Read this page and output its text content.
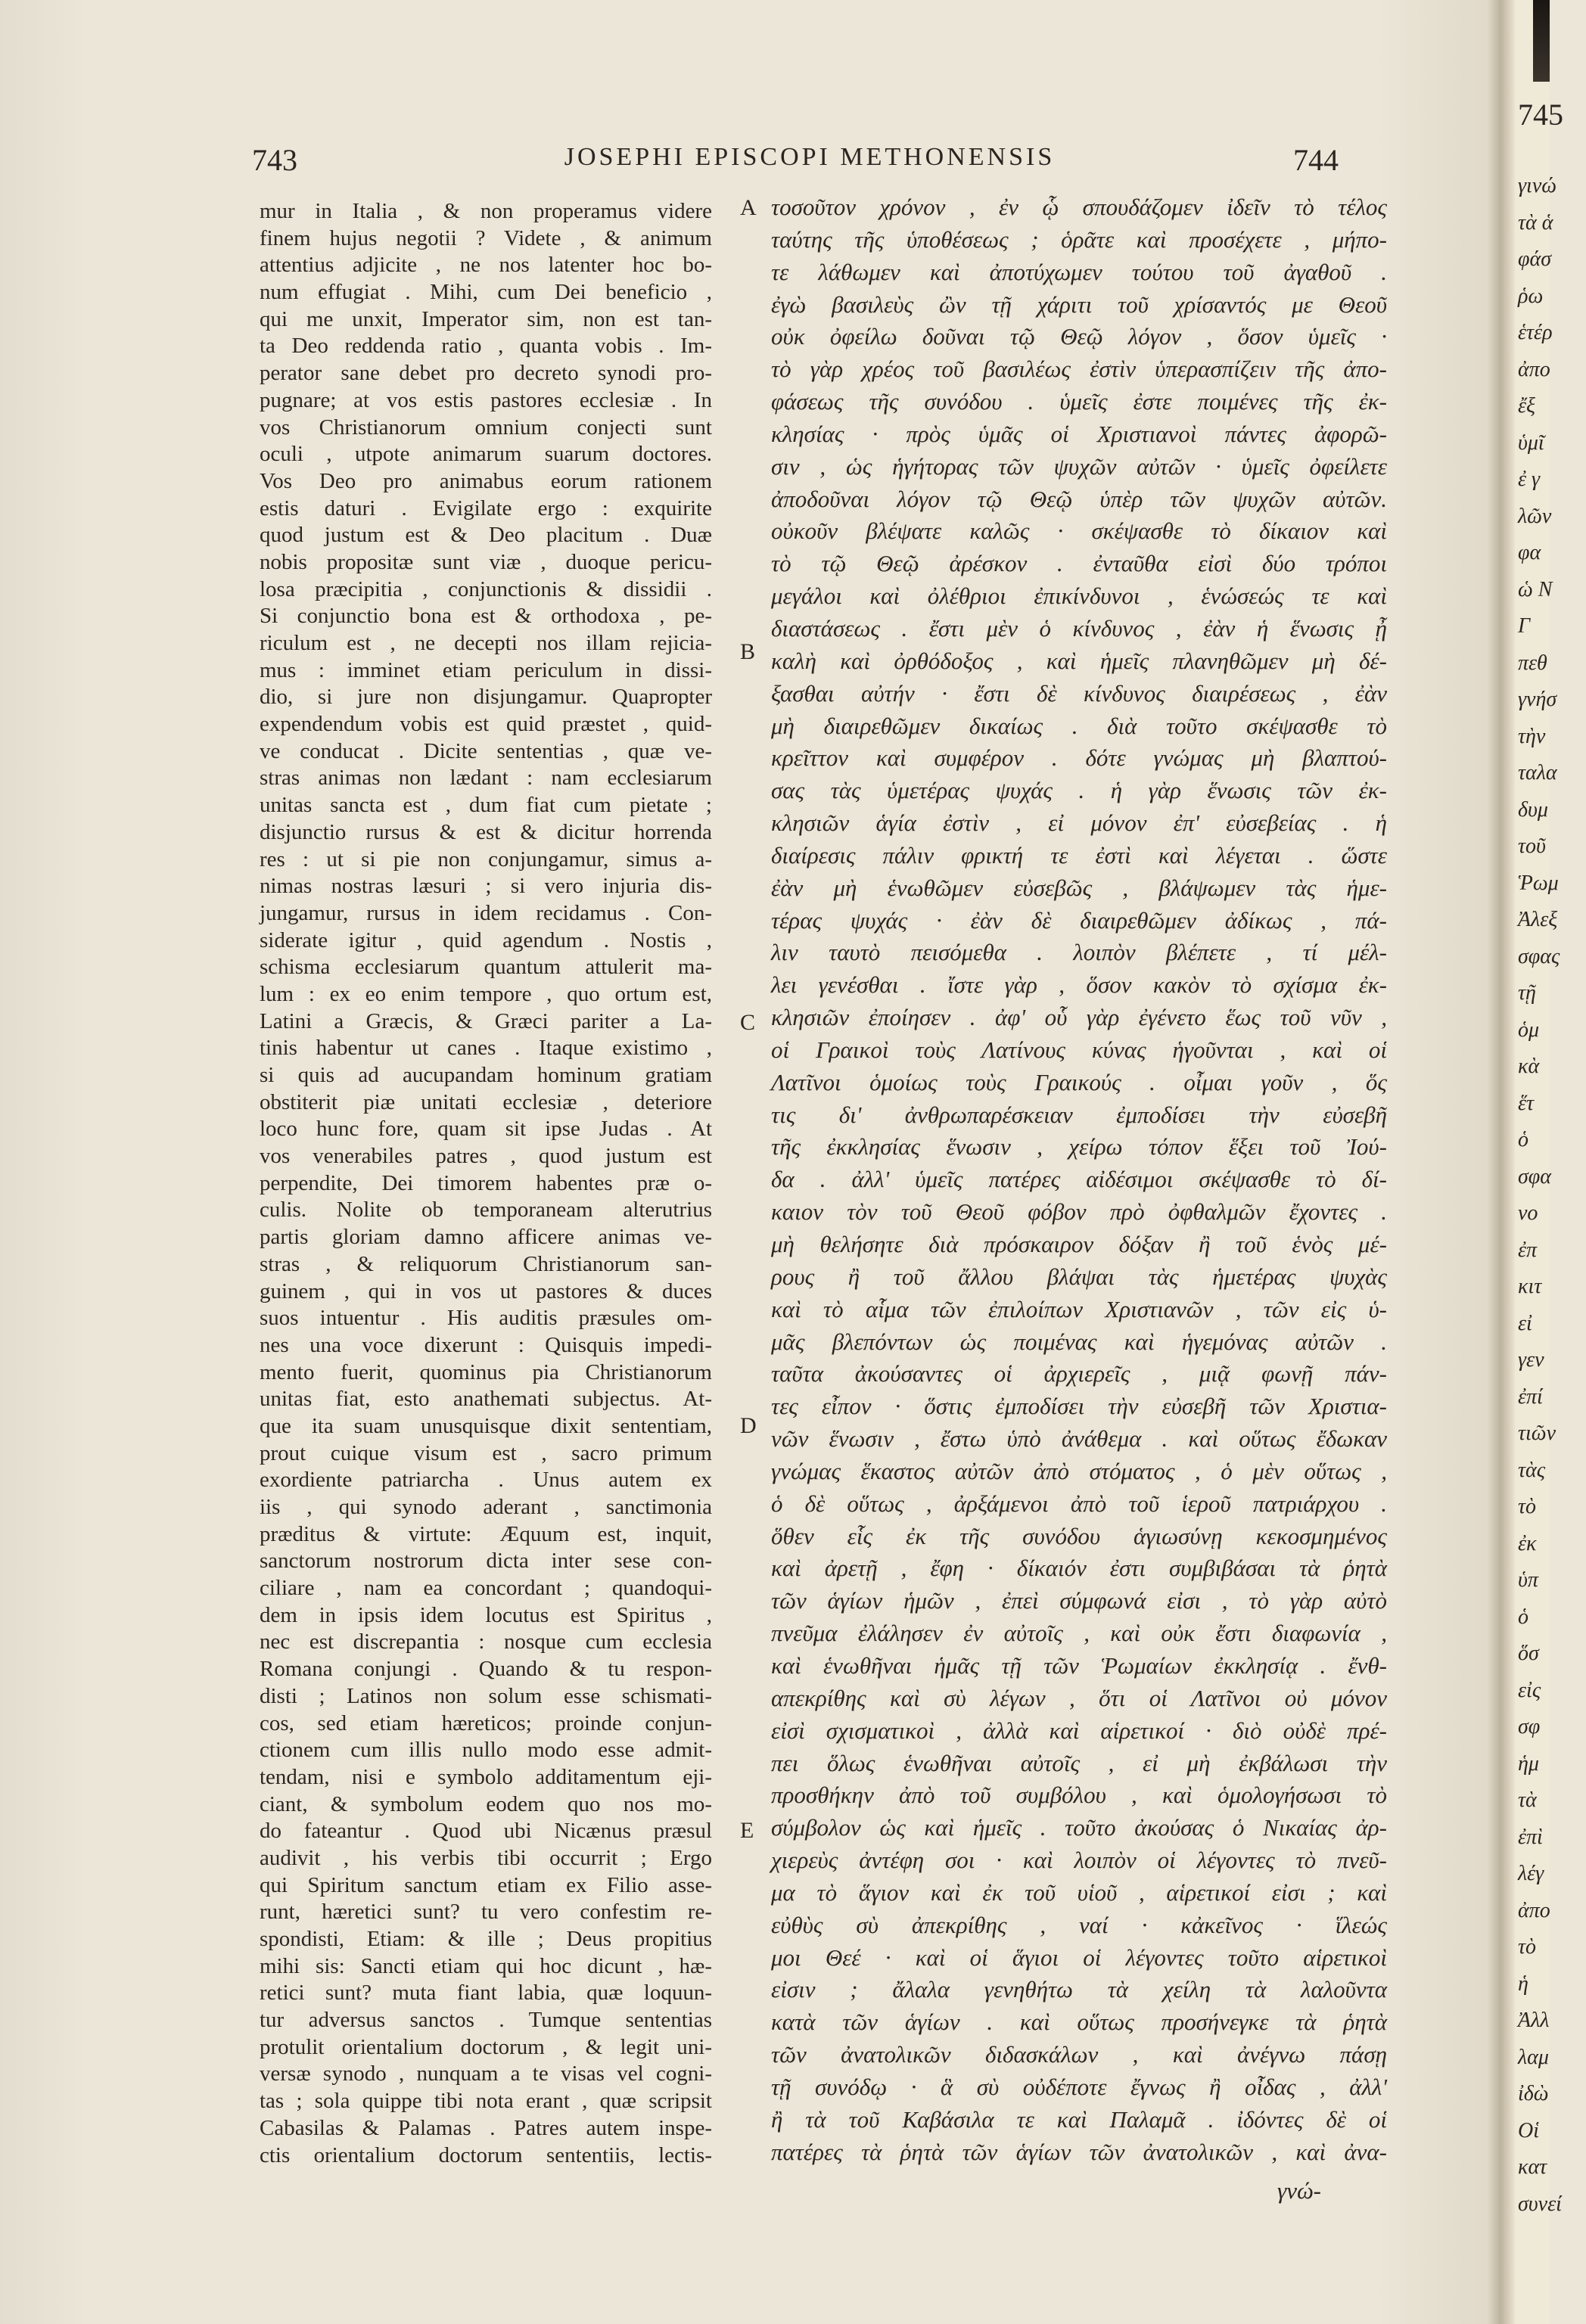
743	JOSEPHI EPISCOPI METHONENSIS	744
mur in Italia , & non properamus videre
finem hujus negotii ? Videte , & animum
attentius adjicite , ne nos latenter hoc bo-
num effugiat . Mihi, cum Dei beneficio ,
qui me unxit, Imperator sim, non est tan-
ta Deo reddenda ratio , quanta vobis . Im-
perator sane debet pro decreto synodi pro-
pugnare; at vos estis pastores ecclesiæ . In
vos Christianorum omnium conjecti sunt
oculi , utpote animarum suarum doctores.
Vos Deo pro animabus eorum rationem
estis daturi . Evigilate ergo : exquirite
quod justum est & Deo placitum . Duæ
nobis propositæ sunt viæ , duoque pericu-
losa præcipitia , conjunctionis & dissidii .
Si conjunctio bona est & orthodoxa , pe-
riculum est , ne decepti nos illam rejicia-
mus : imminet etiam periculum in dissi-
dio, si jure non disjungamur. Quapropter
expendendum vobis est quid præstet , quid-
ve conducat . Dicite sententias , quæ ve-
stras animas non lædant : nam ecclesiarum
unitas sancta est , dum fiat cum pietate ;
disjunctio rursus & est & dicitur horrenda
res : ut si pie non conjungamur, simus a-
nimas nostras læsuri ; si vero injuria dis-
jungamur, rursus in idem recidamus . Con-
siderate igitur , quid agendum . Nostis ,
schisma ecclesiarum quantum attulerit ma-
lum : ex eo enim tempore , quo ortum est,
Latini a Græcis, & Græci pariter a La-
tinis habentur ut canes . Itaque existimo ,
si quis ad aucupandam hominum gratiam
obstiterit piæ unitati ecclesiæ , deteriore
loco hunc fore, quam sit ipse Judas . At
vos venerabiles patres , quod justum est
perpendite, Dei timorem habentes præ o-
culis. Nolite ob temporaneam alterutrius
partis gloriam damno afficere animas ve-
stras , & reliquorum Christianorum san-
guinem , qui in vos ut pastores & duces
suos intuentur . His auditis præsules om-
nes una voce dixerunt : Quisquis impedi-
mento fuerit, quominus pia Christianorum
unitas fiat, esto anathemati subjectus. At-
que ita suam unusquisque dixit sententiam,
prout cuique visum est , sacro primum
exordiente patriarcha . Unus autem ex
iis , qui synodo aderant , sanctimonia
præditus & virtute: Æquum est, inquit,
sanctorum nostrorum dicta inter sese con-
ciliare , nam ea concordant ; quandoqui-
dem in ipsis idem locutus est Spiritus ,
nec est discrepantia : nosque cum ecclesia
Romana conjungi . Quando & tu respon-
disti ; Latinos non solum esse schismati-
cos, sed etiam hæreticos; proinde conjun-
ctionem cum illis nullo modo esse admit-
tendam, nisi e symbolo additamentum eji-
ciant, & symbolum eodem quo nos mo-
do fateantur . Quod ubi Nicænus præsul
audivit , his verbis tibi occurrit ; Ergo
qui Spiritum sanctum etiam ex Filio asse-
runt, hæretici sunt? tu vero confestim re-
spondisti, Etiam: & ille ; Deus propitius
mihi sis: Sancti etiam qui hoc dicunt , hæ-
retici sunt? muta fiant labia, quæ loquun-
tur adversus sanctos . Tumque sententias
protulit orientalium doctorum , & legit uni-
versæ synodo , nunquam a te visas vel cogni-
tas ; sola quippe tibi nota erant , quæ scripsit
Cabasilas & Palamas . Patres autem inspe-
ctis orientalium doctorum sententiis, lectis-
A
B
C
D
E
τοσοῦτον χρόνον , ἐν ᾧ σπουδάζομεν ἰδεῖν τὸ τέλος
ταύτης τῆς ὑποθέσεως ; ὁρᾶτε καὶ προσέχετε , μήπο-
τε λάθωμεν καὶ ἀποτύχωμεν τούτου τοῦ ἀγαθοῦ .
ἐγὼ βασιλεὺς ὢν τῇ χάριτι τοῦ χρίσαντός με Θεοῦ
οὐκ ὀφείλω δοῦναι τῷ Θεῷ λόγον , ὅσον ὑμεῖς ·
τὸ γὰρ χρέος τοῦ βασιλέως ἐστὶν ὑπερασπίζειν τῆς ἀπο-
φάσεως τῆς συνόδου . ὑμεῖς ἐστε ποιμένες τῆς ἐκ-
κλησίας · πρὸς ὑμᾶς οἱ Χριστιανοὶ πάντες ἀφορῶ-
σιν , ὡς ἡγήτορας τῶν ψυχῶν αὐτῶν · ὑμεῖς ὀφείλετε
ἀποδοῦναι λόγον τῷ Θεῷ ὑπὲρ τῶν ψυχῶν αὐτῶν.
οὐκοῦν βλέψατε καλῶς · σκέψασθε τὸ δίκαιον καὶ
τὸ τῷ Θεῷ ἀρέσκον . ἐνταῦθα εἰσὶ δύο τρόποι
μεγάλοι καὶ ὀλέθριοι ἐπικίνδυνοι , ἑνώσεώς τε καὶ
διαστάσεως . ἔστι μὲν ὁ κίνδυνος , ἐὰν ἡ ἕνωσις ᾖ
καλὴ καὶ ὀρθόδοξος , καὶ ἡμεῖς πλανηθῶμεν μὴ δέ-
ξασθαι αὐτήν · ἔστι δὲ κίνδυνος διαιρέσεως , ἐὰν
μὴ διαιρεθῶμεν δικαίως . διὰ τοῦτο σκέψασθε τὸ
κρεῖττον καὶ συμφέρον . δότε γνώμας μὴ βλαπτού-
σας τὰς ὑμετέρας ψυχάς . ἡ γὰρ ἕνωσις τῶν ἐκ-
κλησιῶν ἁγία ἐστὶν , εἰ μόνον ἐπ' εὐσεβείας . ἡ
διαίρεσις πάλιν φρικτή τε ἐστὶ καὶ λέγεται . ὥστε
ἐὰν μὴ ἑνωθῶμεν εὐσεβῶς , βλάψωμεν τὰς ἡμε-
τέρας ψυχάς · ἐὰν δὲ διαιρεθῶμεν ἀδίκως , πά-
λιν ταυτὸ πεισόμεθα . λοιπὸν βλέπετε , τί μέλ-
λει γενέσθαι . ἴστε γὰρ , ὅσον κακὸν τὸ σχίσμα ἐκ-
κλησιῶν ἐποίησεν . ἀφ' οὗ γὰρ ἐγένετο ἕως τοῦ νῦν ,
οἱ Γραικοὶ τοὺς Λατίνους κύνας ἡγοῦνται , καὶ οἱ
Λατῖνοι ὁμοίως τοὺς Γραικούς . οἶμαι γοῦν , ὅς
τις δι' ἀνθρωπαρέσκειαν ἐμποδίσει τὴν εὐσεβῆ
τῆς ἐκκλησίας ἕνωσιν , χείρω τόπον ἕξει τοῦ Ἰού-
δα . ἀλλ' ὑμεῖς πατέρες αἰδέσιμοι σκέψασθε τὸ δί-
καιον τὸν τοῦ Θεοῦ φόβον πρὸ ὀφθαλμῶν ἔχοντες .
μὴ θελήσητε διὰ πρόσκαιρον δόξαν ἢ τοῦ ἑνὸς μέ-
ρους ἢ τοῦ ἄλλου βλάψαι τὰς ἡμετέρας ψυχὰς
καὶ τὸ αἷμα τῶν ἐπιλοίπων Χριστιανῶν , τῶν εἰς ὑ-
μᾶς βλεπόντων ὡς ποιμένας καὶ ἡγεμόνας αὐτῶν .
ταῦτα ἀκούσαντες οἱ ἀρχιερεῖς , μιᾷ φωνῇ πάν-
τες εἶπον · ὅστις ἐμποδίσει τὴν εὐσεβῆ τῶν Χριστια-
νῶν ἕνωσιν , ἔστω ὑπὸ ἀνάθεμα . καὶ οὕτως ἔδωκαν
γνώμας ἕκαστος αὐτῶν ἀπὸ στόματος , ὁ μὲν οὕτως ,
ὁ δὲ οὕτως , ἀρξάμενοι ἀπὸ τοῦ ἱεροῦ πατριάρχου .
ὅθεν εἷς ἐκ τῆς συνόδου ἁγιωσύνῃ κεκοσμημένος
καὶ ἀρετῇ , ἔφη · δίκαιόν ἐστι συμβιβάσαι τὰ ῥητὰ
τῶν ἁγίων ἡμῶν , ἐπεὶ σύμφωνά εἰσι , τὸ γὰρ αὐτὸ
πνεῦμα ἐλάλησεν ἐν αὐτοῖς , καὶ οὐκ ἔστι διαφωνία ,
καὶ ἑνωθῆναι ἡμᾶς τῇ τῶν Ῥωμαίων ἐκκλησίᾳ . ἔνθ-
απεκρίθης καὶ σὺ λέγων , ὅτι οἱ Λατῖνοι οὐ μόνον
εἰσὶ σχισματικοὶ , ἀλλὰ καὶ αἱρετικοί · διὸ οὐδὲ πρέ-
πει ὅλως ἑνωθῆναι αὐτοῖς , εἰ μὴ ἐκβάλωσι τὴν
προσθήκην ἀπὸ τοῦ συμβόλου , καὶ ὁμολογήσωσι τὸ
σύμβολον ὡς καὶ ἡμεῖς . τοῦτο ἀκούσας ὁ Νικαίας ἀρ-
χιερεὺς ἀντέφη σοι · καὶ λοιπὸν οἱ λέγοντες τὸ πνεῦ-
μα τὸ ἅγιον καὶ ἐκ τοῦ υἱοῦ , αἱρετικοί εἰσι ; καὶ
εὐθὺς σὺ ἀπεκρίθης , ναί · κἀκεῖνος · ἵλεώς
μοι Θεέ · καὶ οἱ ἅγιοι οἱ λέγοντες τοῦτο αἱρετικοὶ
εἰσιν ; ἄλαλα γενηθήτω τὰ χείλη τὰ λαλοῦντα
κατὰ τῶν ἁγίων . καὶ οὕτως προσήνεγκε τὰ ῥητὰ
τῶν ἀνατολικῶν διδασκάλων , καὶ ἀνέγνω πάσῃ
τῇ συνόδῳ · ἃ σὺ οὐδέποτε ἔγνως ἢ οἶδας , ἀλλ'
ἢ τὰ τοῦ Καβάσιλα τε καὶ Παλαμᾶ . ἰδόντες δὲ οἱ
πατέρες τὰ ῥητὰ τῶν ἁγίων τῶν ἀνατολικῶν , καὶ ἀνα-
γνώ-
745
γινώ
τὰ ἁ
φάσ
ῥω
ἑτέρ
ἀπο
ἔξ
ὑμῖ
ἐ γ
λῶν
φα
ὡ Ν
Γ
πεθ
γνήσ
τὴν
ταλα
δυμ
τοῦ
Ῥωμ
Ἀλεξ
σφας
τῇ
ὁμ
κὰ
ἕτ
ὁ
σφα
νο
ἐπ
κιτ
εἰ
γεν
ἐπί
τιῶν
τὰς
τὸ
ἐκ
ὑπ
ὁ
ὅσ
εἰς
σφ
ἡμ
τὰ
ἐπὶ
λέγ
ἀπο
τὸ
ἡ
Ἀλλ
λαμ
ἰδὼ
Οἱ
κατ
συνεί
